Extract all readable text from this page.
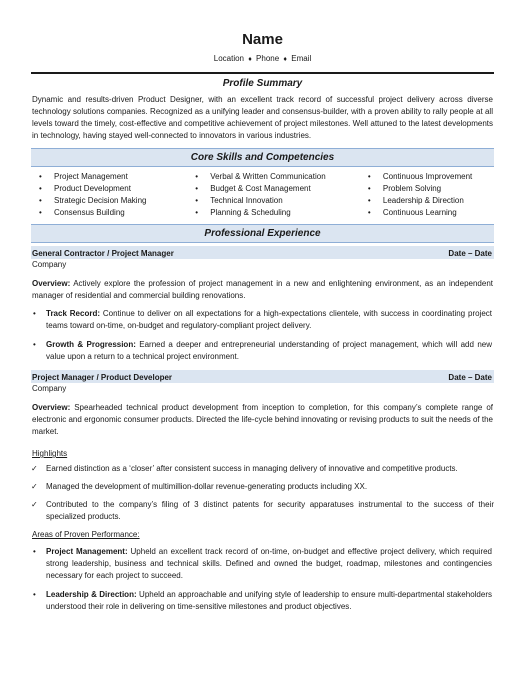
Name
Location ♦ Phone ♦ Email
Profile Summary
Dynamic and results-driven Product Designer, with an excellent track record of successful project delivery across diverse technology solutions companies. Recognized as a unifying leader and consensus-builder, with a proven ability to rally people at all levels toward the timely, cost-effective and competitive achievement of project milestones. Well attuned to the latest developments in technology, having stayed well-connected to innovators in various industries.
Core Skills and Competencies
• Project Management
• Product Development
• Strategic Decision Making
• Consensus Building
• Verbal & Written Communication
• Budget & Cost Management
• Technical Innovation
• Planning & Scheduling
• Continuous Improvement
• Problem Solving
• Leadership & Direction
• Continuous Learning
Professional Experience
General Contractor / Project Manager	Date – Date
Company
Overview: Actively explore the profession of project management in a new and enlightening environment, as an independent manager of residential and commercial building renovations.
• Track Record: Continue to deliver on all expectations for a high-expectations clientele, with success in coordinating project teams toward on-time, on-budget and regulatory-compliant project delivery.
• Growth & Progression: Earned a deeper and entrepreneurial understanding of project management, which will add new value upon a return to a technical project environment.
Project Manager / Product Developer	Date – Date
Company
Overview: Spearheaded technical product development from inception to completion, for this company’s complete range of electronic and ergonomic consumer products. Directed the life-cycle behind innovating or revising products to suit the needs of the market.
Highlights
✓ Earned distinction as a ‘closer’ after consistent success in managing delivery of innovative and competitive products.
✓ Managed the development of multimillion-dollar revenue-generating products including XX.
✓ Contributed to the company’s filing of 3 distinct patents for security apparatuses instrumental to the success of their specialized products.
Areas of Proven Performance:
• Project Management: Upheld an excellent track record of on-time, on-budget and effective project delivery, which required strong leadership, business and technical skills. Defined and owned the budget, roadmap, milestones and contingencies necessary for each project to succeed.
• Leadership & Direction: Upheld an approachable and unifying style of leadership to ensure multi-departmental stakeholders understood their role in delivering on time-sensitive milestones and product objectives.
